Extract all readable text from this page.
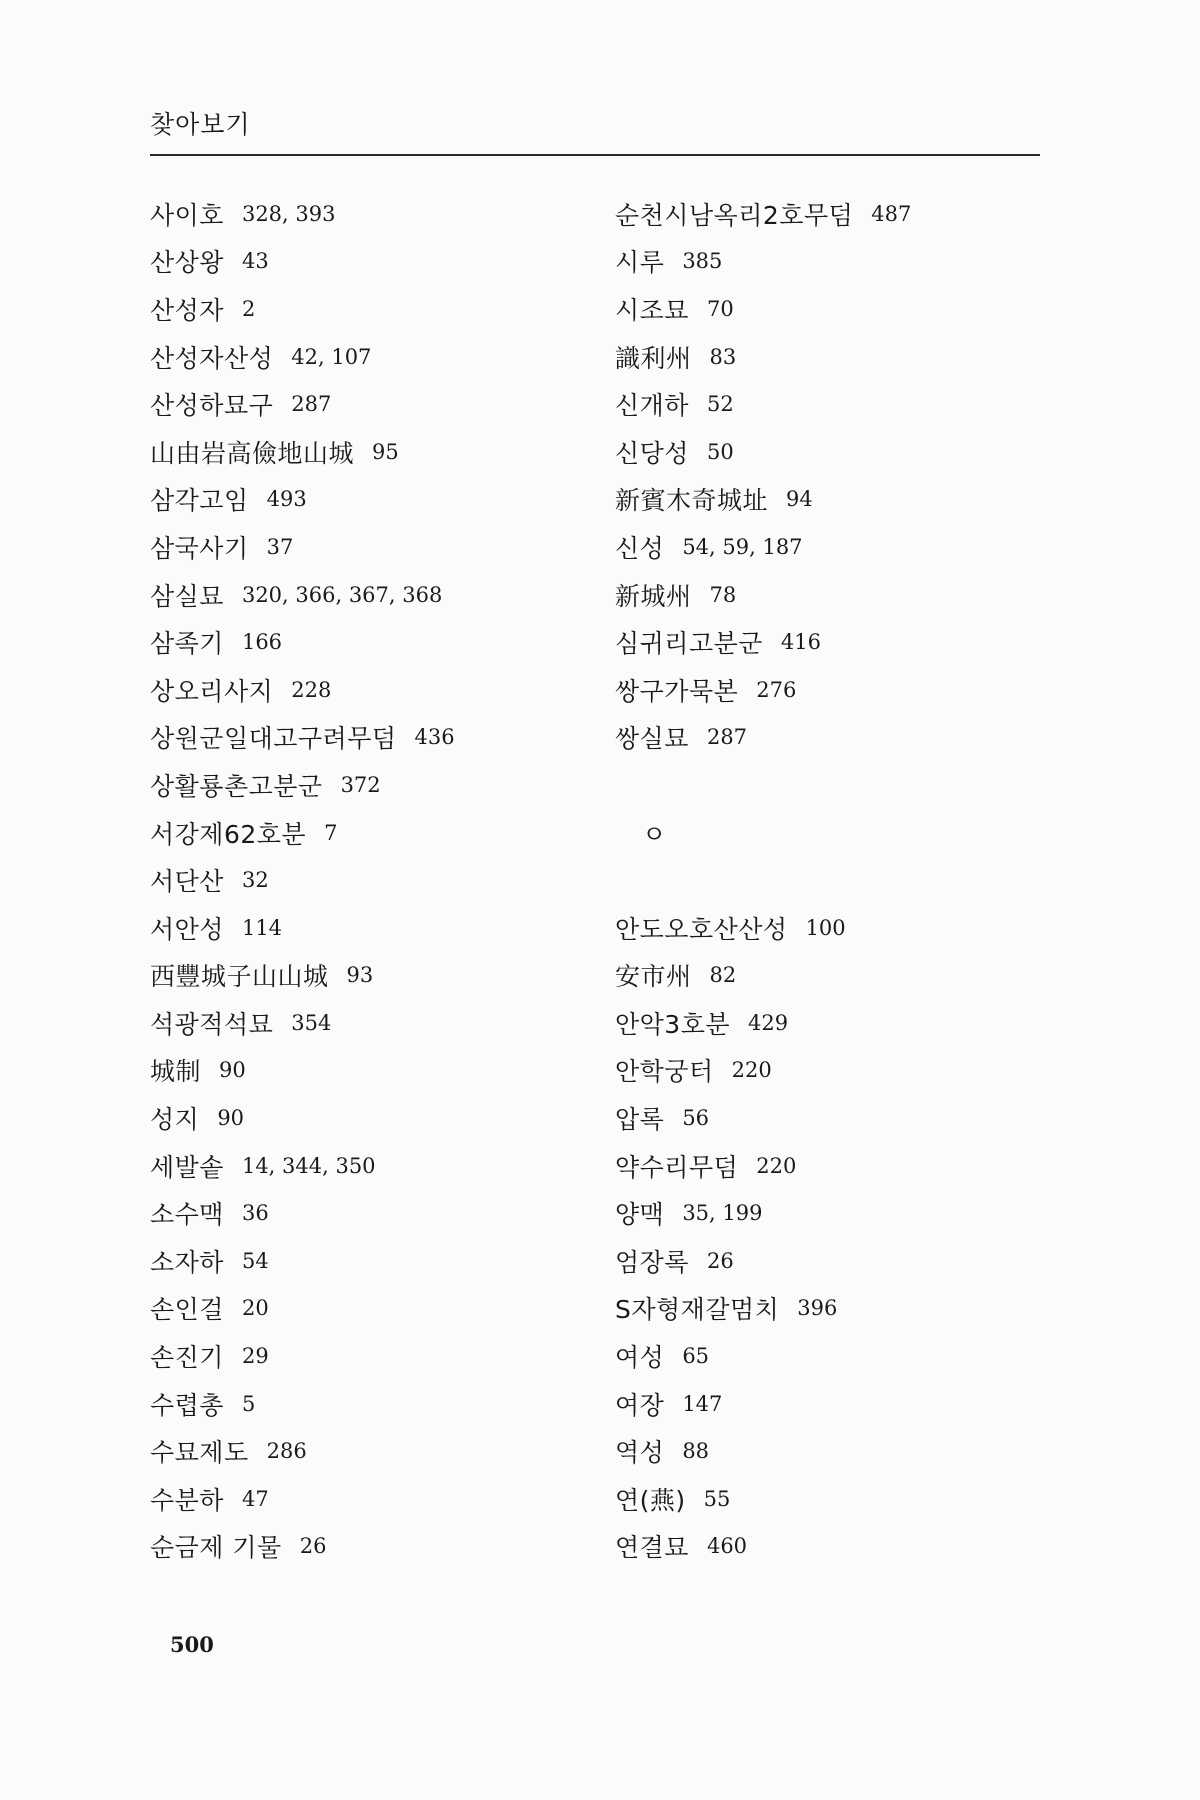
찾아보기
사이호 328, 393
산상왕 43
산성자 2
산성자산성 42, 107
산성하묘구 287
山由岩高儉地山城 95
삼각고임 493
삼국사기 37
삼실묘 320, 366, 367, 368
삼족기 166
상오리사지 228
상원군일대고구려무덤 436
상활룡촌고분군 372
서강제62호분 7
서단산 32
서안성 114
西豐城子山山城 93
석광적석묘 354
城制 90
성지 90
세발솥 14, 344, 350
소수맥 36
소자하 54
손인걸 20
손진기 29
수렵총 5
수묘제도 286
수분하 47
순금제 기물 26
순천시남옥리2호무덤 487
시루 385
시조묘 70
識利州 83
신개하 52
신당성 50
新賓木奇城址 94
신성 54, 59, 187
新城州 78
심귀리고분군 416
쌍구가묵본 276
쌍실묘 287
ㅇ
안도오호산산성 100
安市州 82
안악3호분 429
안학궁터 220
압록 56
약수리무덤 220
양맥 35, 199
엄장록 26
S자형재갈멈치 396
여성 65
여장 147
역성 88
연(燕) 55
연결묘 460
500
